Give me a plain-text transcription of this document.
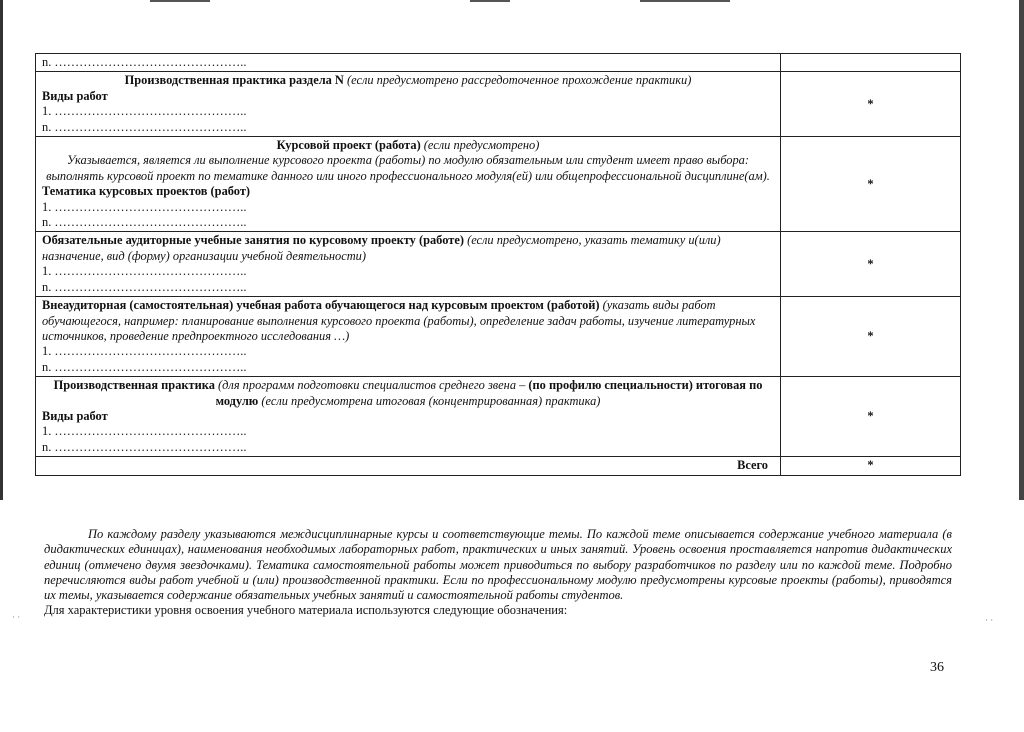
n. ………………………………………..	

Производственная практика раздела N (если предусмотрено рассредоточенное прохождение практики)
Виды работ
1. ………………………………………..
n. ………………………………………..	*

Курсовой проект (работа) (если предусмотрено)
Указывается, является ли выполнение курсового проекта (работы) по модулю обязательным или студент имеет право выбора: выполнять курсовой проект по тематике данного или иного профессионального модуля(ей) или общепрофессиональной дисциплине(ам).
Тематика курсовых проектов (работ)
1. ………………………………………..
n. ………………………………………..	*

Обязательные аудиторные учебные занятия по курсовому проекту (работе) (если предусмотрено, указать тематику и(или) назначение, вид (форму) организации учебной деятельности)
1. ………………………………………..
n. ………………………………………..	*

Внеаудиторная (самостоятельная) учебная работа обучающегося над курсовым проектом (работой) (указать виды работ обучающегося, например: планирование выполнения курсового проекта (работы), определение задач работы, изучение литературных источников, проведение предпроектного исследования …)
1. ………………………………………..
n. ………………………………………..	*

Производственная практика (для программ подготовки специалистов среднего звена – (по профилю специальности) итоговая по модулю (если предусмотрена итоговая (концентрированная) практика)
Виды работ
1. ………………………………………..
n. ………………………………………..	*
Всего	*

По каждому разделу указываются междисциплинарные курсы и соответствующие темы. По каждой теме описывается содержание учебного материала (в дидактических единицах), наименования необходимых лабораторных работ, практических и иных занятий. Уровень освоения проставляется напротив дидактических единиц (отмечено двумя звездочками). Тематика самостоятельной работы может приводиться по выбору разработчиков по разделу или по каждой теме. Подробно перечисляются виды работ учебной и (или) производственной практики. Если по профессиональному модулю предусмотрены курсовые проекты (работы), приводятся их темы, указывается содержание обязательных учебных занятий и самостоятельной работы студентов.

Для характеристики уровня освоения учебного материала используются следующие обозначения:

36
· ·	· ·
